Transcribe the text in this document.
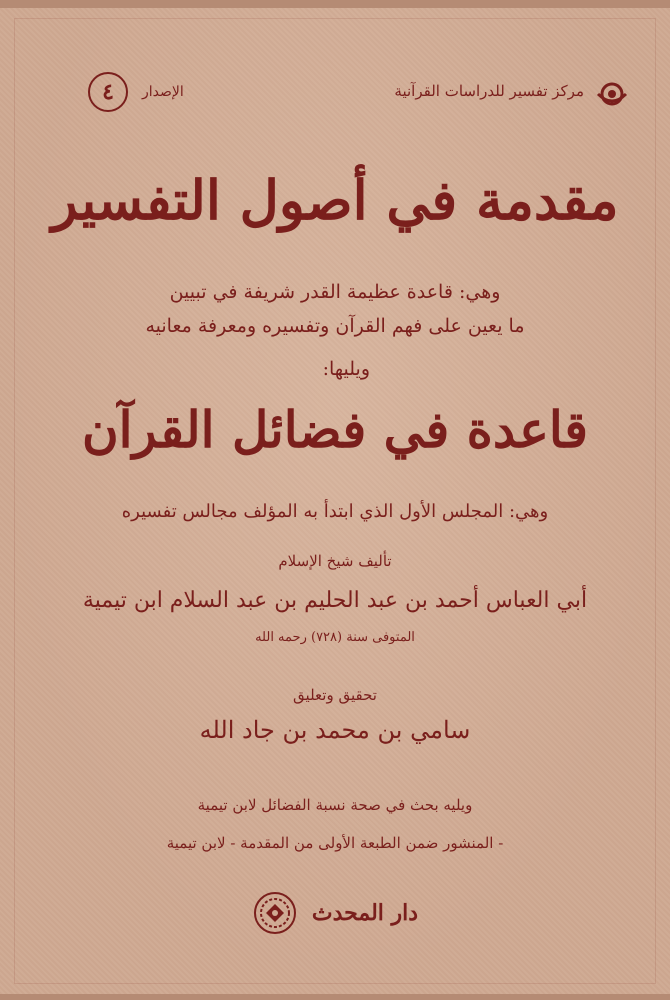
مركز تفسير للدراسات القرآنية
الإصدار
٤
مقدمة في أصول التفسير
وهي: قاعدة عظيمة القدر شريفة في تبيين
ما يعين على فهم القرآن وتفسيره ومعرفة معانيه
ويليها:
قاعدة في فضائل القرآن
وهي: المجلس الأول الذي ابتدأ به المؤلف مجالس تفسيره
تأليف شيخ الإسلام
أبي العباس أحمد بن عبد الحليم بن عبد السلام ابن تيمية
المتوفى سنة (٧٢٨) رحمه الله
تحقيق وتعليق
سامي بن محمد بن جاد الله
ويليه بحث في صحة نسبة الفضائل لابن تيمية
- المنشور ضمن الطبعة الأولى من المقدمة - لابن تيمية
دار المحدث
